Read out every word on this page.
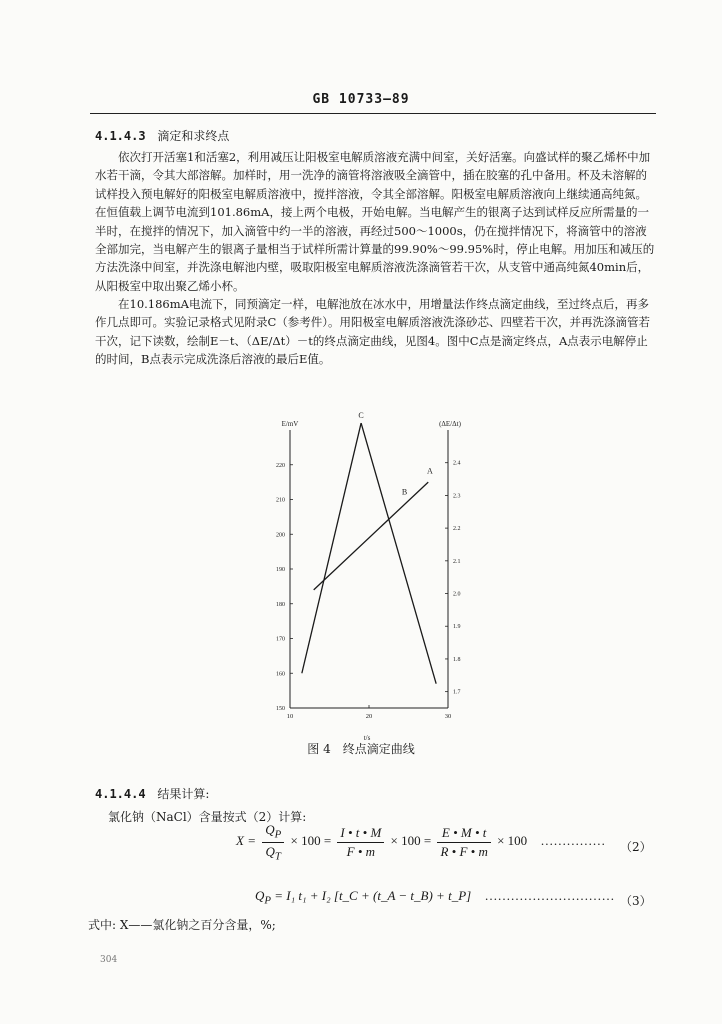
GB 10733—89
4.1.4.3 滴定和求终点
依次打开活塞1和活塞2，利用减压让阳极室电解质溶液充满中间室，关好活塞。向盛试样的聚乙烯杯中加水若干滴，令其大部溶解。加样时，用一洗净的滴管将溶液吸全滴管中，插在胶塞的孔中备用。杯及未溶解的试样投入预电解好的阳极室电解质溶液中，搅拌溶液，令其全部溶解。阳极室电解质溶液向上继续通高纯氮。在恒值载上调节电流到101.86mA，接上两个电极，开始电解。当电解产生的银离子达到试样反应所需量的一半时，在搅拌的情况下，加入滴管中约一半的溶液，再经过500～1000s，仍在搅拌情况下，将滴管中的溶液全部加完，当电解产生的银离子量相当于试样所需计算量的99.90%～99.95%时，停止电解。用加压和减压的方法洗涤中间室，并洗涤电解池内壁，吸取阳极室电解质溶液洗涤滴管若干次，从支管中通高纯氮40min后，从阳极室中取出聚乙烯小杯。
在10.186mA电流下，同预滴定一样，电解池放在冰水中，用增量法作终点滴定曲线，至过终点后，再多作几点即可。实验记录格式见附录C（参考件）。用阳极室电解质溶液洗涤砂芯、四壁若干次，并再洗涤滴管若干次，记下读数，绘制E－t、（ΔE/Δt）－t的终点滴定曲线，见图4。图中C点是滴定终点，A点表示电解停止的时间，B点表示完成洗涤后溶液的最后E值。
150
160
170
180
190
200
210
220
1.7
1.8
1.9
2.0
2.1
2.2
2.3
2.4
10	20	30
E/mV	(ΔE/Δt)
t/s
C
A
B
图 4　终点滴定曲线
4.1.4.4 结果计算:
氯化钠（NaCl）含量按式（2）计算:
$X = \frac{Q_P}{Q_T} \times 100 = \frac{I • t • M}{F • m} \times 100 = \frac{E • M • t}{R • F • m} \times 100$ …………… （2）
$Q_P = I_1$ t₁ + I₂ [t_C + (t_A − t_B) + t_P] ………………………… （3）
式中: X——氯化钠之百分含量，%;
304
